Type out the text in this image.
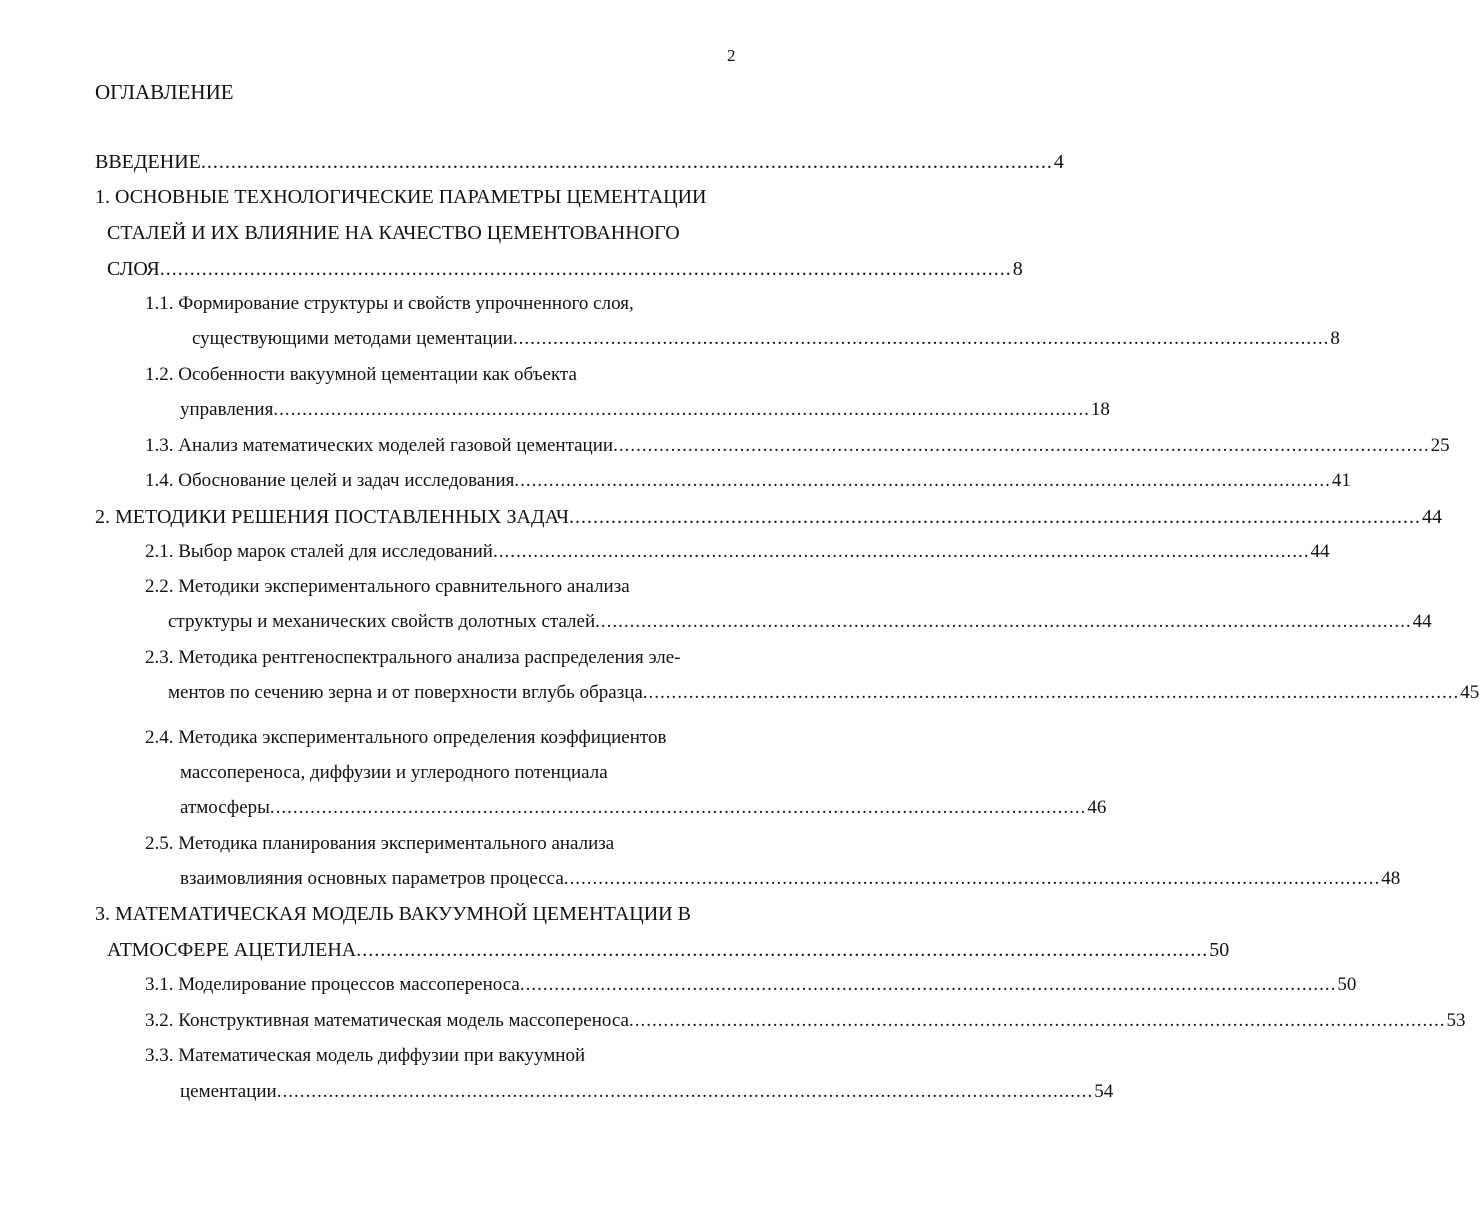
2
ОГЛАВЛЕНИЕ
ВВЕДЕНИЕ .............................................................................................................................................. 4
1. ОСНОВНЫЕ ТЕХНОЛОГИЧЕСКИЕ ПАРАМЕТРЫ ЦЕМЕНТАЦИИ
СТАЛЕЙ И ИХ ВЛИЯНИЕ НА КАЧЕСТВО ЦЕМЕНТОВАННОГО
СЛОЯ .............................................................................................................................................. 8
1.1. Формирование структуры и свойств упрочненного слоя,
существующими методами цементации .............................................................................................................................................. 8
1.2. Особенности вакуумной цементации как объекта
управления .............................................................................................................................................. 18
1.3. Анализ математических моделей газовой цементации .............................................................................................................................................. 25
1.4. Обоснование целей и задач исследования .............................................................................................................................................. 41
2. МЕТОДИКИ РЕШЕНИЯ ПОСТАВЛЕННЫХ ЗАДАЧ .............................................................................................................................................. 44
2.1. Выбор марок сталей для исследований .............................................................................................................................................. 44
2.2. Методики экспериментального сравнительного анализа
структуры и механических свойств долотных сталей .............................................................................................................................................. 44
2.3. Методика рентгеноспектрального анализа распределения эле-
ментов по сечению зерна и от поверхности вглубь образца .............................................................................................................................................. 45
2.4. Методика экспериментального определения коэффициентов
массопереноса, диффузии и углеродного потенциала
атмосферы .............................................................................................................................................. 46
2.5. Методика планирования экспериментального анализа
взаимовлияния основных параметров процесса .............................................................................................................................................. 48
3. МАТЕМАТИЧЕСКАЯ МОДЕЛЬ ВАКУУМНОЙ ЦЕМЕНТАЦИИ В
АТМОСФЕРЕ АЦЕТИЛЕНА .............................................................................................................................................. 50
3.1. Моделирование процессов массопереноса .............................................................................................................................................. 50
3.2. Конструктивная математическая модель массопереноса .............................................................................................................................................. 53
3.3. Математическая модель диффузии при вакуумной
цементации .............................................................................................................................................. 54
